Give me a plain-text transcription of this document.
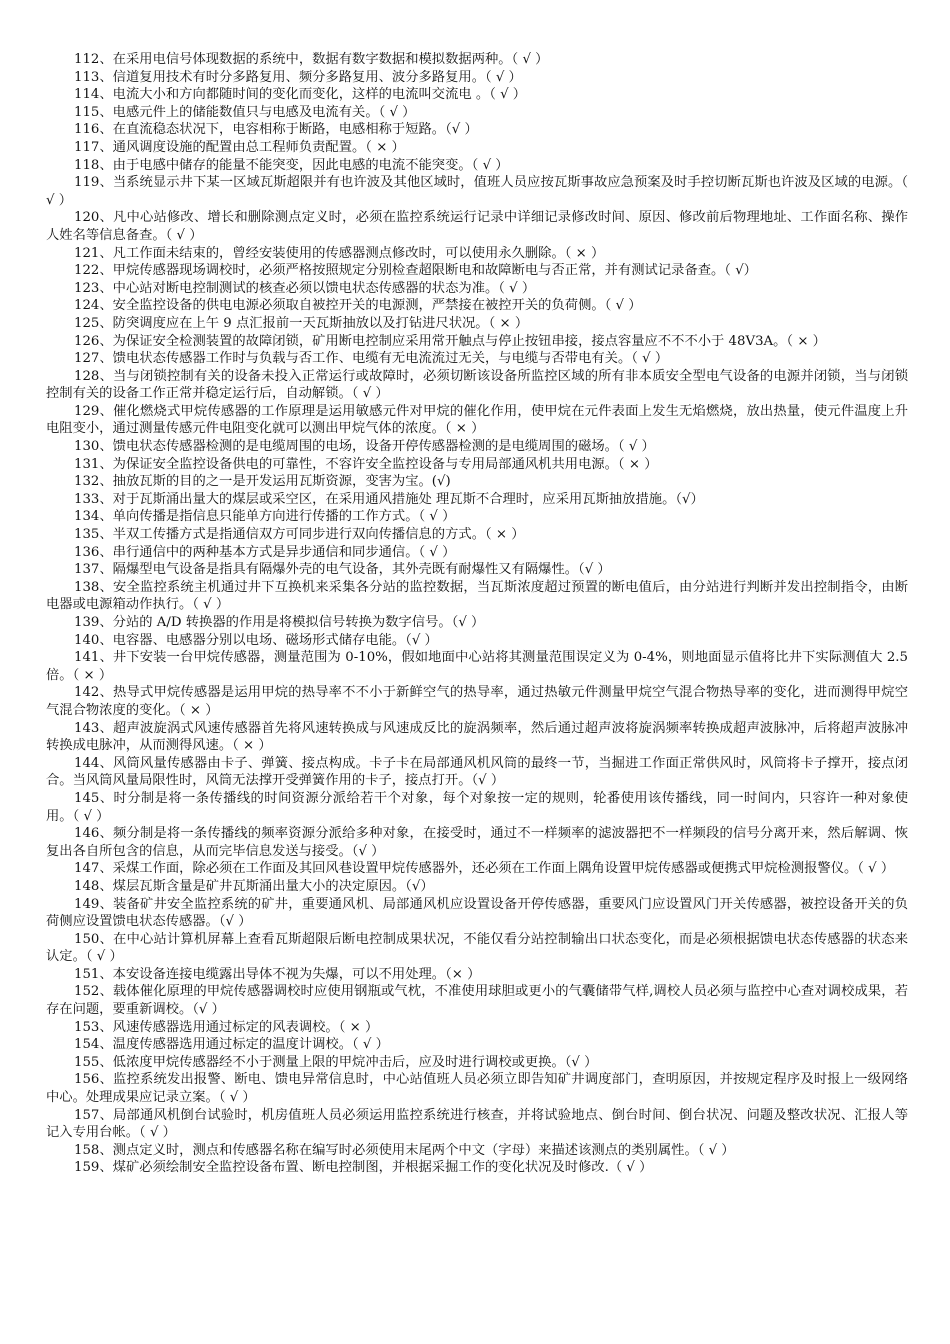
112、在采用电信号体现数据的系统中，数据有数字数据和模拟数据两种。（ √ ）

113、信道复用技术有时分多路复用、频分多路复用、波分多路复用。（ √ ）

114、电流大小和方向都随时间的变化而变化，这样的电流叫交流电 。（ √ ）

115、电感元件上的储能数值只与电感及电流有关。（ √ ）

116、在直流稳态状况下，电容相称于断路，电感相称于短路。（√ ）

117、通风调度设施的配置由总工程师负责配置。（ × ）

118、由于电感中储存的能量不能突变，因此电感的电流不能突变。（ √ ）

119、当系统显示井下某一区域瓦斯超限并有也许波及其他区域时，值班人员应按瓦斯事故应急预案及时手控切断瓦斯也许波及区域的电源。（ √ ）

120、凡中心站修改、增长和删除测点定义时，必须在监控系统运行记录中详细记录修改时间、原因、修改前后物理地址、工作面名称、操作人姓名等信息备查。（ √ ）

121、凡工作面未结束的，曾经安装使用的传感器测点修改时，可以使用永久删除。（ × ）

122、甲烷传感器现场调校时，必须严格按照规定分别检查超限断电和故障断电与否正常，并有测试记录备查。（ √）

123、中心站对断电控制测试的核查必须以馈电状态传感器的状态为准。（ √ ）

124、安全监控设备的供电电源必须取自被控开关的电源测，严禁接在被控开关的负荷侧。（ √ ）

125、防突调度应在上午 9 点汇报前一天瓦斯抽放以及打钻进尺状况。（ × ）

126、为保证安全检测装置的故障闭锁，矿用断电控制应采用常开触点与停止按钮串接，接点容量应不不不小于 48V3A。（ × ）

127、馈电状态传感器工作时与负载与否工作、电缆有无电流流过无关，与电缆与否带电有关。（ √ ）

128、当与闭锁控制有关的设备未投入正常运行或故障时，必须切断该设备所监控区域的所有非本质安全型电气设备的电源并闭锁，当与闭锁控制有关的设备工作正常并稳定运行后，自动解锁。（ √ ）

129、催化燃烧式甲烷传感器的工作原理是运用敏感元件对甲烷的催化作用，使甲烷在元件表面上发生无焰燃烧，放出热量，使元件温度上升电阻变小，通过测量传感元件电阻变化就可以测出甲烷气体的浓度。（ × ）

130、馈电状态传感器检测的是电缆周围的电场，设备开停传感器检测的是电缆周围的磁场。（ √ ）

131、为保证安全监控设备供电的可靠性，不容许安全监控设备与专用局部通风机共用电源。（ × ）

132、抽放瓦斯的目的之一是开发运用瓦斯资源，变害为宝。(√)

133、对于瓦斯涌出量大的煤层或采空区，在采用通风措施处 理瓦斯不合理时，应采用瓦斯抽放措施。（√）

134、单向传播是指信息只能单方向进行传播的工作方式。（ √ ）

135、半双工传播方式是指通信双方可同步进行双向传播信息的方式。（ × ）

136、串行通信中的两种基本方式是异步通信和同步通信。（ √ ）

137、隔爆型电气设备是指具有隔爆外壳的电气设备，其外壳既有耐爆性又有隔爆性。（√ ）

138、安全监控系统主机通过井下互换机来采集各分站的监控数据，当瓦斯浓度超过预置的断电值后，由分站进行判断并发出控制指令，由断电器或电源箱动作执行。（ √ ）

139、分站的 A/D 转换器的作用是将模拟信号转换为数字信号。（√ ）

140、电容器、电感器分别以电场、磁场形式储存电能。（√ ）

141、井下安装一台甲烷传感器，测量范围为 0-10%，假如地面中心站将其测量范围误定义为 0-4%，则地面显示值将比井下实际测值大 2.5 倍。（ × ）

142、热导式甲烷传感器是运用甲烷的热导率不不小于新鲜空气的热导率，通过热敏元件测量甲烷空气混合物热导率的变化，进而测得甲烷空气混合物浓度的变化。（ × ）

143、超声波旋涡式风速传感器首先将风速转换成与风速成反比的旋涡频率，然后通过超声波将旋涡频率转换成超声波脉冲，后将超声波脉冲转换成电脉冲，从而测得风速。（ × ）

144、风筒风量传感器由卡子、弹簧、接点构成。卡子卡在局部通风机风筒的最终一节，当掘进工作面正常供风时，风筒将卡子撑开，接点闭合。当风筒风量局限性时，风筒无法撑开受弹簧作用的卡子，接点打开。（√ ）

145、时分制是将一条传播线的时间资源分派给若干个对象，每个对象按一定的规则，轮番使用该传播线，同一时间内，只容许一种对象使用。（ √ ）

146、频分制是将一条传播线的频率资源分派给多种对象，在接受时，通过不一样频率的滤波器把不一样频段的信号分离开来，然后解调、恢复出各自所包含的信息，从而完毕信息发送与接受。（√ ）

147、采煤工作面，除必须在工作面及其回风巷设置甲烷传感器外，还必须在工作面上隅角设置甲烷传感器或便携式甲烷检测报警仪。（ √ ）

148、煤层瓦斯含量是矿井瓦斯涌出量大小的决定原因。（√）

149、装备矿井安全监控系统的矿井，重要通风机、局部通风机应设置设备开停传感器，重要风门应设置风门开关传感器，被控设备开关的负荷侧应设置馈电状态传感器。（√ ）

150、在中心站计算机屏幕上查看瓦斯超限后断电控制成果状况，不能仅看分站控制输出口状态变化，而是必须根据馈电状态传感器的状态来认定。（ √ ）

151、本安设备连接电缆露出导体不视为失爆，可以不用处理。（× ）

152、载体催化原理的甲烷传感器调校时应使用钢瓶或气枕，不准使用球胆或更小的气囊储带气样,调校人员必须与监控中心查对调校成果，若存在问题，要重新调校。（√ ）

153、风速传感器选用通过标定的风表调校。（ × ）

154、温度传感器选用通过标定的温度计调校。（ √ ）

155、低浓度甲烷传感器经不小于测量上限的甲烷冲击后，应及时进行调校或更换。（√ ）

156、监控系统发出报警、断电、馈电异常信息时，中心站值班人员必须立即告知矿井调度部门，查明原因，并按规定程序及时报上一级网络中心。处理成果应记录立案。（ √ ）

157、局部通风机倒台试验时，机房值班人员必须运用监控系统进行核查，并将试验地点、倒台时间、倒台状况、问题及整改状况、汇报人等记入专用台帐。（ √ ）

158、测点定义时，测点和传感器名称在编写时必须使用末尾两个中文（字母）来描述该测点的类别属性。（ √ ）

159、煤矿必须绘制安全监控设备布置、断电控制图，并根据采掘工作的变化状况及时修改.（ √ ）
